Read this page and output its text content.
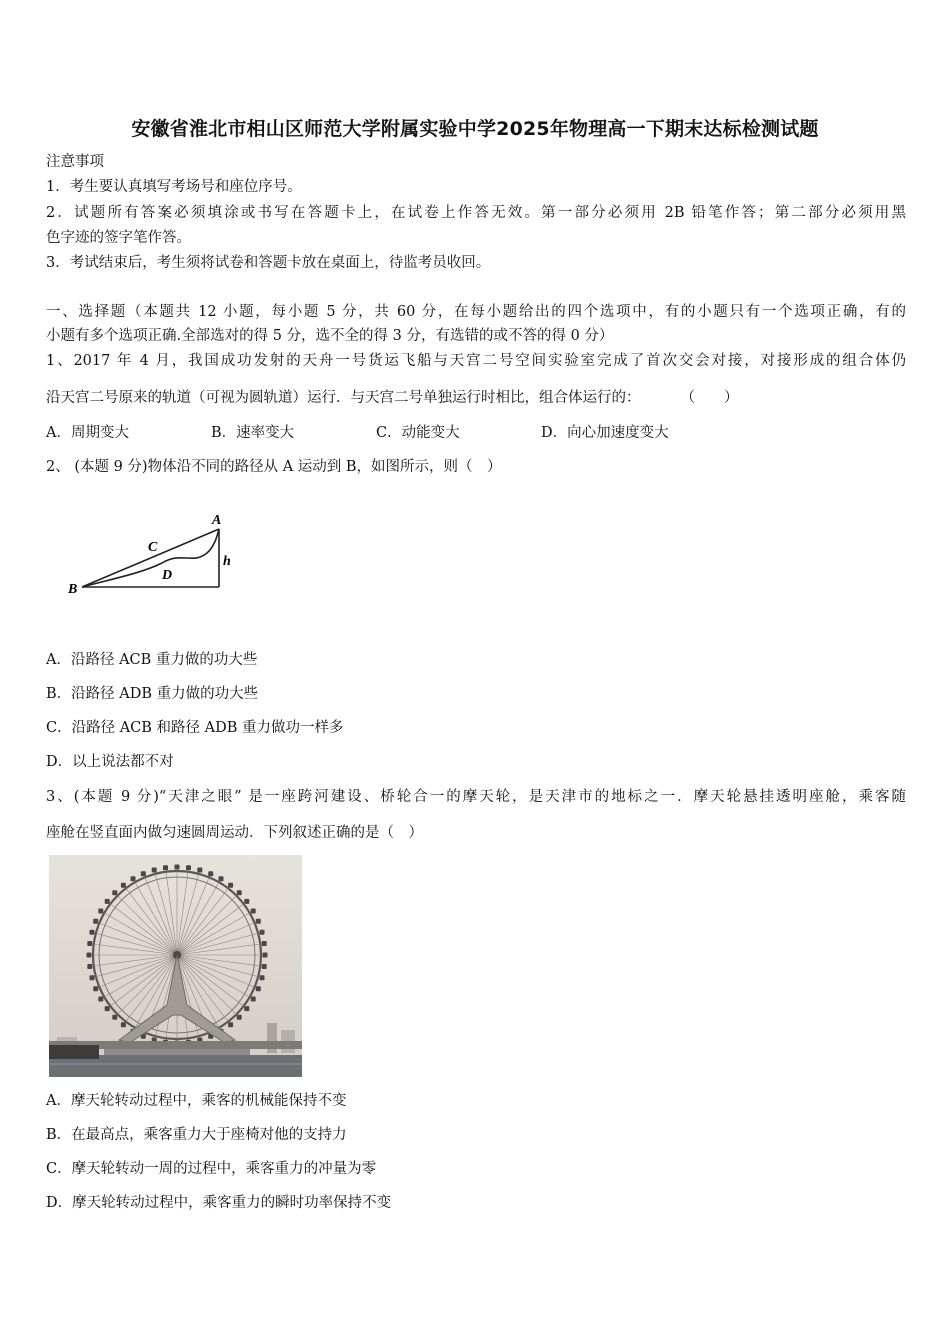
安徽省淮北市相山区师范大学附属实验中学2025年物理高一下期末达标检测试题
注意事项
1．考生要认真填写考场号和座位序号。
2．试题所有答案必须填涂或书写在答题卡上，在试卷上作答无效。第一部分必须用 2B 铅笔作答；第二部分必须用黑
色字迹的签字笔作答。
3．考试结束后，考生须将试卷和答题卡放在桌面上，待监考员收回。
一、选择题（本题共 12 小题，每小题 5 分，共 60 分，在每小题给出的四个选项中，有的小题只有一个选项正确，有的
小题有多个选项正确.全部选对的得 5 分，选不全的得 3 分，有选错的或不答的得 0 分）
1、2017 年 4 月，我国成功发射的天舟一号货运飞船与天宫二号空间实验室完成了首次交会对接，对接形成的组合体仍
沿天宫二号原来的轨道（可视为圆轨道）运行．与天宫二号单独运行时相比，组合体运行的：	（　　）
A．周期变大	B．速率变大	C．动能变大	D．向心加速度变大
2、 (本题 9 分)物体沿不同的路径从 A 运动到 B，如图所示，则（　）
A
B
C
D
h
A．沿路径 ACB 重力做的功大些
B．沿路径 ADB 重力做的功大些
C．沿路径 ACB 和路径 ADB 重力做功一样多
D．以上说法都不对
3、(本题 9 分)“天津之眼” 是一座跨河建设、桥轮合一的摩天轮，是天津市的地标之一．摩天轮悬挂透明座舱，乘客随
座舱在竖直面内做匀速圆周运动．下列叙述正确的是（　）
A．摩天轮转动过程中，乘客的机械能保持不变
B．在最高点，乘客重力大于座椅对他的支持力
C．摩天轮转动一周的过程中，乘客重力的冲量为零
D．摩天轮转动过程中，乘客重力的瞬时功率保持不变
